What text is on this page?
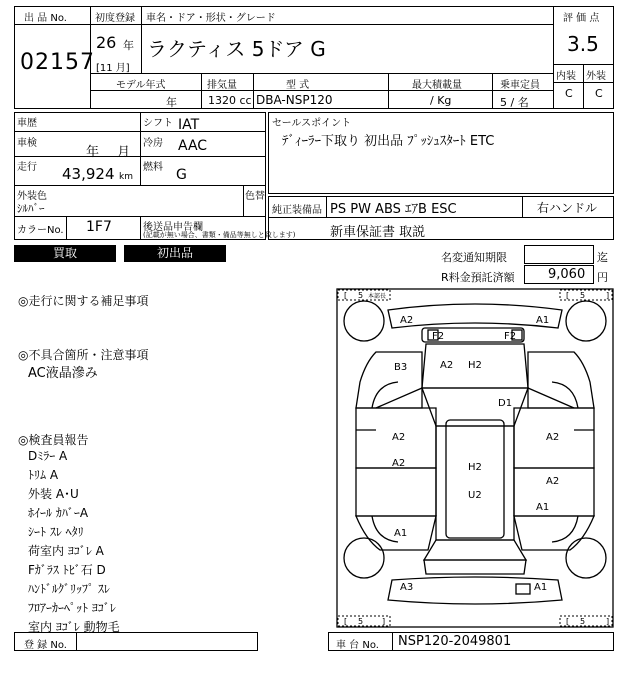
出 品 No.
02157
初度登録
26 年
[11 月]
車名・ドア・形状・グレード
ラクティス 5ドア G
評 価 点
3.5
内装 外装
C C
モデル年式	排気量	型 式	最大積載量	乗車定員
年	1320 cc DBA-NSP120	/ Kg	5 / 名
車歴	シフト IAT
車検
年 月
冷房 AAC
走行 43,924 km
燃料 G
外装色
ｼﾙﾊﾞｰ
色替
カラーNo. 1F7	後送品申告欄
(記載が無い場合、書類・備品等無しと致します)
セールスポイント
ﾃﾞｨｰﾗｰ下取り 初出品 ﾌﾟｯｼｭｽﾀｰﾄ ETC
純正装備品 PS PW ABS ｴｱB ESC	右ハンドル
新車保証書 取説
買取	初出品	名変通知期限	迄
R料金預託済額	9,060 円
◎走行に関する補足事項
◎不具合箇所・注意事項
AC液晶滲み
◎検査員報告
Dﾐﾗｰ A
ﾄﾘﾑ A
外装 A･U
ﾎｲｰﾙ ｶﾊﾞｰA
ｼｰﾄ ｽﾚ ﾍﾀﾘ
荷室内 ﾖｺﾞﾚ A
Fｶﾞﾗｽ ﾄﾋﾞ石 D
ﾊﾝﾄﾞﾙｸﾞﾘｯﾌﾟ ｽﾚ
ﾌﾛｱｰｶｰﾍﾟｯﾄ ﾖｺﾞﾚ
室内 ﾖｺﾞﾚ 動物毛
[ 5 本部長	[ 5	]
[ 5 ]	[ 5	]
A2	A1
F2	F2
B3	A2 H2
D1
A2	A2
A2	H2
A2
U2
A1
A1
A3	A1
登 録 No.	車 台 No. NSP120-2049801
